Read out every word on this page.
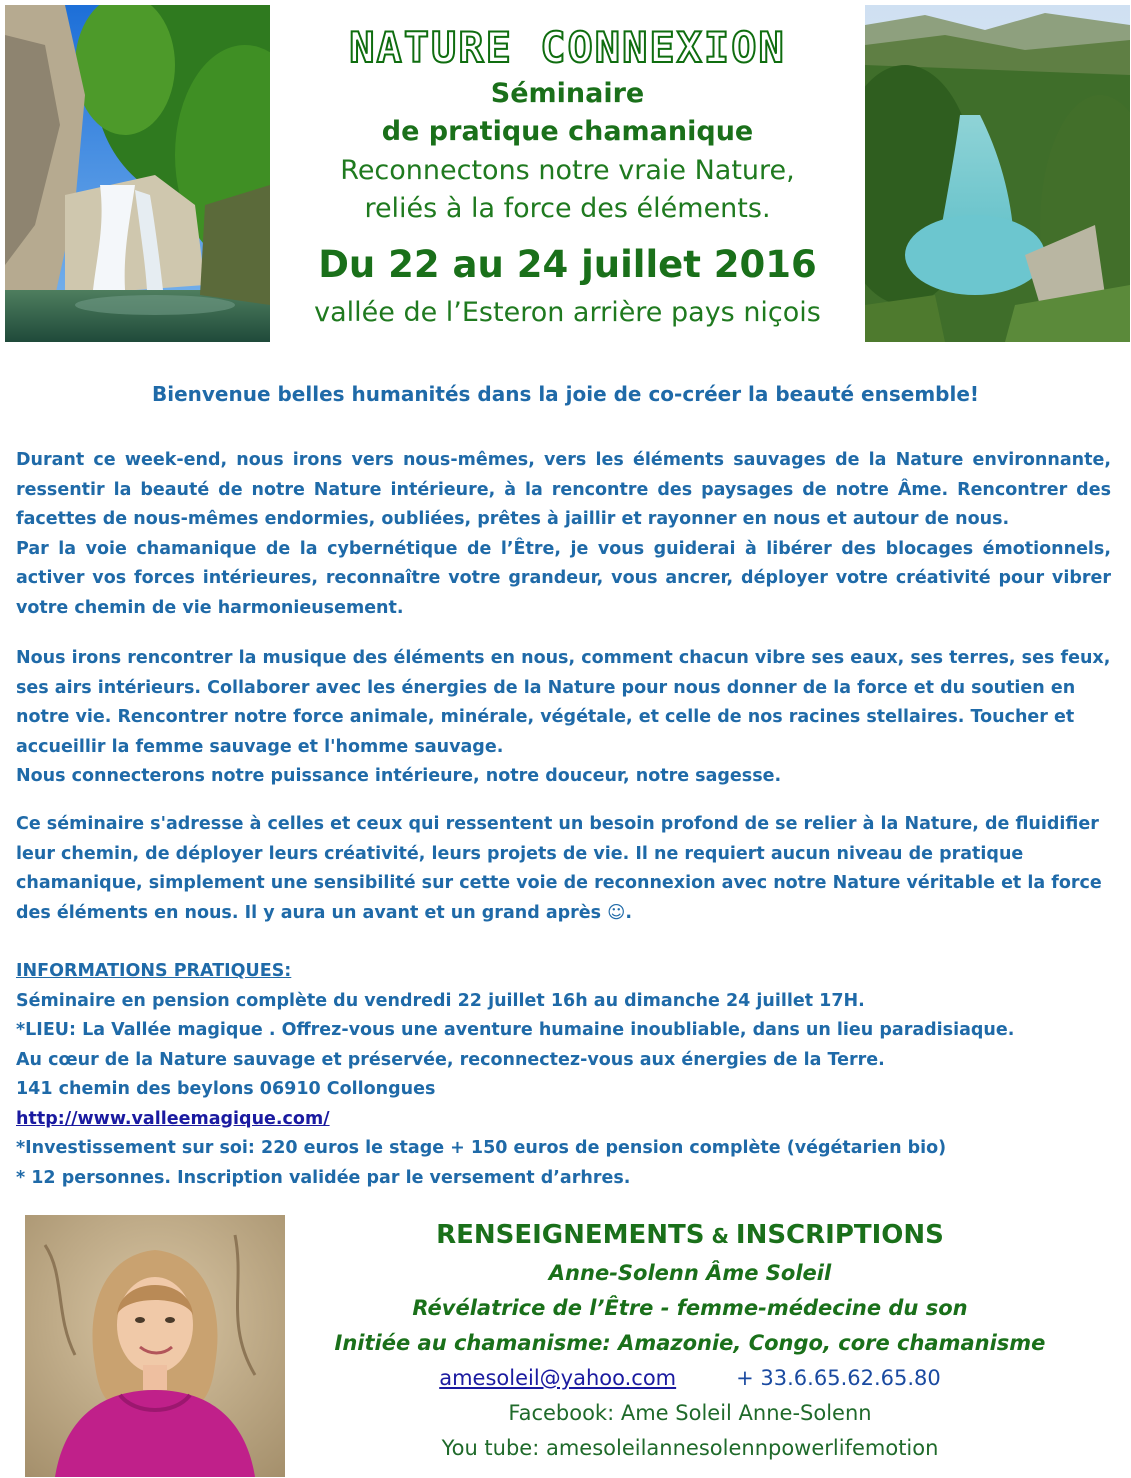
NATURE CONNEXION
Séminaire
de pratique chamanique
Reconnectons notre vraie Nature,
reliés à la force des éléments.
Du 22 au 24 juillet 2016
vallée de l’Esteron arrière pays niçois
Bienvenue belles humanités dans la joie de co-créer la beauté ensemble!
Durant ce week-end, nous irons vers nous-mêmes, vers les éléments sauvages de la Nature environnante, ressentir la beauté de notre Nature intérieure, à la rencontre des paysages de notre Âme. Rencontrer des facettes de nous-mêmes endormies, oubliées, prêtes à jaillir et rayonner en nous et autour de nous.
Par la voie chamanique de la cybernétique de l’Être, je vous guiderai à libérer des blocages émotionnels, activer vos forces intérieures, reconnaître votre grandeur, vous ancrer, déployer votre créativité pour vibrer votre chemin de vie harmonieusement.
Nous irons rencontrer la musique des éléments en nous, comment chacun vibre ses eaux, ses terres, ses feux, ses airs intérieurs. Collaborer avec les énergies de la Nature pour nous donner de la force et du soutien en notre vie. Rencontrer notre force animale, minérale, végétale, et celle de nos racines stellaires. Toucher et accueillir la femme sauvage et l'homme sauvage.
Nous connecterons notre puissance intérieure, notre douceur, notre sagesse.
Ce séminaire s'adresse à celles et ceux qui ressentent un besoin profond de se relier à la Nature, de fluidifier leur chemin, de déployer leurs créativité, leurs projets de vie. Il ne requiert aucun niveau de pratique chamanique, simplement une sensibilité sur cette voie de reconnexion avec notre Nature véritable et la force des éléments en nous. Il y aura un avant et un grand après ☺.
INFORMATIONS PRATIQUES:
Séminaire en pension complète du vendredi 22 juillet 16h au dimanche 24 juillet 17H.
*LIEU: La Vallée magique . Offrez-vous une aventure humaine inoubliable, dans un lieu paradisiaque.
Au cœur de la Nature sauvage et préservée, reconnectez-vous aux énergies de la Terre.
141 chemin des beylons 06910 Collongues
http://www.valleemagique.com/
*Investissement sur soi: 220 euros le stage + 150 euros de pension complète (végétarien bio)
* 12 personnes. Inscription validée par le versement d’arhres.
RENSEIGNEMENTS & INSCRIPTIONS
Anne-Solenn Âme Soleil
Révélatrice de l’Être - femme-médecine du son
Initiée au chamanisme: Amazonie, Congo, core chamanisme
amesoleil@yahoo.com	+ 33.6.65.62.65.80
Facebook: Ame Soleil Anne-Solenn
You tube: amesoleilannesolennpowerlifemotion
